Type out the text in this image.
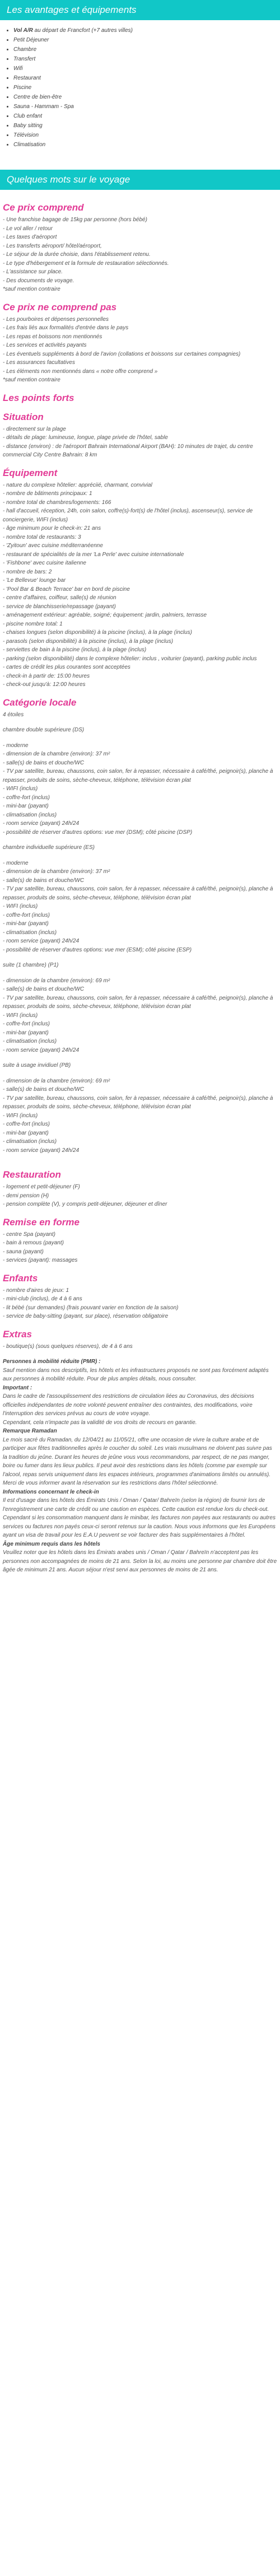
Les avantages et équipements
• Vol A/R au départ de Francfort (+7 autres villes)
• Petit Déjeuner
• Chambre
• Transfert
• Wifi
• Restaurant
• Piscine
• Centre de bien-être
• Sauna - Hammam - Spa
• Club enfant
• Baby sitting
• Télévision
• Climatisation
Quelques mots sur le voyage
Ce prix comprend
- Une franchise bagage de 15kg par personne (hors bébé)
- Le vol aller / retour
- Les taxes d'aéroport
- Les transferts aéroport/ hôtel/aéroport,
- Le séjour de la durée choisie, dans l'établissement retenu.
- Le type d'hébergement et la formule de restauration sélectionnés.
- L'assistance sur place.
- Des documents de voyage.
*sauf mention contraire
Ce prix ne comprend pas
- Les pourboires et dépenses personnelles
- Les frais liés aux formalités d'entrée dans le pays
- Les repas et boissons non mentionnés
- Les services et activités payants
- Les éventuels suppléments à bord de l'avion (collations et boissons sur certaines compagnies)
- Les assurances facultatives
- Les éléments non mentionnés dans « notre offre comprend »
*sauf mention contraire
Les points forts
Situation
- directement sur la plage
- détails de plage: lumineuse, longue, plage privée de l'hôtel, sable
- distance (environ) : de l'aéroport Bahrain International Airport (BAH): 10 minutes de trajet, du centre commercial City Centre Bahrain: 8 km
Équipement
- nature du complexe hôtelier: appréciié, charmant, convivial
- nombre de bâtiments principaux: 1
- nombre total de chambres/logements: 166
- hall d'accueil, réception, 24h, coin salon, coffre(s)-fort(s) de l'hôtel (inclus), ascenseur(s), service de conciergerie, WIFI (inclus)
- âge minimum pour le check-in: 21 ans
- nombre total de restaurants: 3
- 'Zyitoun' avec cuisine méditerranéenne
- restaurant de spécialités de la mer 'La Perle' avec cuisine internationale
- 'Fishbone' avec cuisine italienne
- nombre de bars: 2
- 'Le Bellevue' lounge bar
- 'Pool Bar & Beach Terrace' bar en bord de piscine
- centre d'affaires, coiffeur, salle(s) de réunion
- service de blanchisserie/repassage (payant)
- aménagement extérieur: agréable, soigné; équipement: jardin, palmiers, terrasse
- piscine nombre total: 1
- chaises longues (selon disponibilité) à la piscine (inclus), à la plage (inclus)
- parasols (selon disponibilité) à la piscine (inclus), à la plage (inclus)
- serviettes de bain à la piscine (inclus), à la plage (inclus)
- parking (selon disponibilité) dans le complexe hôtelier: inclus , voiturier (payant), parking public inclus
- cartes de crédit les plus courantes sont acceptées
- check-in à partir de: 15:00 heures
- check-out jusqu'à: 12:00 heures
Catégorie locale
4 étoiles
chambre double supérieure (DS)
- moderne
- dimension de la chambre (environ): 37 m²
- salle(s) de bains et douche/WC
- TV par satellite, bureau, chaussons, coin salon, fer à repasser, nécessaire à café/thé, peignoir(s), planche à repasser, produits de soins, sèche-cheveux, téléphone, télévision écran plat
- WIFI (inclus)
- coffre-fort (inclus)
- mini-bar (payant)
- climatisation (inclus)
- room service (payant) 24h/24
- possibilité de réserver d'autres options: vue mer (DSM); côté piscine (DSP)
chambre individuelle supérieure (ES)
- moderne
- dimension de la chambre (environ): 37 m²
- salle(s) de bains et douche/WC
- TV par satellite, bureau, chaussons, coin salon, fer à repasser, nécessaire à café/thé, peignoir(s), planche à repasser, produits de soins, sèche-cheveux, téléphone, télévision écran plat
- WIFI (inclus)
- coffre-fort (inclus)
- mini-bar (payant)
- climatisation (inclus)
- room service (payant) 24h/24
- possibilité de réserver d'autres options: vue mer (ESM); côté piscine (ESP)
suite (1 chambre) (P1)
- dimension de la chambre (environ): 69 m²
- salle(s) de bains et douche/WC
- TV par satellite, bureau, chaussons, coin salon, fer à repasser, nécessaire à café/thé, peignoir(s), planche à repasser, produits de soins, sèche-cheveux, téléphone, télévision écran plat
- WIFI (inclus)
- coffre-fort (inclus)
- mini-bar (payant)
- climatisation (inclus)
- room service (payant) 24h/24
suite à usage invidiuel (PB)
- dimension de la chambre (environ): 69 m²
- salle(s) de bains et douche/WC
- TV par satellite, bureau, chaussons, coin salon, fer à repasser, nécessaire à café/thé, peignoir(s), planche à repasser, produits de soins, sèche-cheveux, téléphone, télévision écran plat
- WIFI (inclus)
- coffre-fort (inclus)
- mini-bar (payant)
- climatisation (inclus)
- room service (payant) 24h/24
Restauration
- logement et petit-déjeuner (F)
- demi pension (H)
- pension complète (V), y compris petit-déjeuner, déjeuner et dîner
Remise en forme
- centre Spa (payant)
- bain à remous (payant)
- sauna (payant)
- services (payant): massages
Enfants
- nombre d'aires de jeux: 1
- mini-club (inclus), de 4 à 6 ans
- lit bébé (sur demandes) (frais pouvant varier en fonction de la saison)
- service de baby-sitting (payant, sur place), réservation obligatoire
Extras
- boutique(s) (sous quelques réserves), de 4 à 6 ans
Personnes à mobilité réduite (PMR) :
Sauf mention dans nos descriptifs, les hôtels et les infrastructures proposés ne sont pas forcément adaptés aux personnes à mobilité réduite. Pour de plus amples détails, nous consulter.
Important :
Dans le cadre de l'assouplissement des restrictions de circulation liées au Coronavirus, des décisions officielles indépendantes de notre volonté peuvent entraîner des contraintes, des modifications, voire l'interruption des services prévus au cours de votre voyage.
Cependant, cela n'impacte pas la validité de vos droits de recours en garantie.
Remarque Ramadan
Le mois sacré du Ramadan, du 12/04/21 au 11/05/21, offre une occasion de vivre la culture arabe et de participer aux fêtes traditionnelles après le coucher du soleil. Les vrais musulmans ne doivent pas suivre pas la tradition du jeûne. Durant les heures de jeûne vous vous recommandons, par respect, de ne pas manger, boire ou fumer dans les lieux publics. Il peut avoir des restrictions dans les hôtels (comme par exemple sur l'alcool, repas servis uniquement dans les espaces intérieurs, programmes d'animations limités ou annulés). Merci de vous informer avant la réservation sur les restrictions dans l'hôtel sélectionné.
Informations concernant le check-in
Il est d'usage dans les hôtels des Émirats Unis / Oman / Qatar/ Bahreïn (selon la région) de fournir lors de l'enregistrement une carte de crédit ou une caution en espèces. Cette caution est rendue lors du check-out. Cependant si les consommation manquent dans le minibar, les factures non payées aux restaurants ou autres services ou factures non payés ceux-ci seront retenus sur la caution. Nous vous informons que les Européens ayant un visa de travail pour les E.A.U peuvent se voir facturer des frais supplémentaires à l'hôtel.
Âge minimum requis dans les hôtels
Veuillez noter que les hôtels dans les Émirats arabes unis / Oman / Qatar / Bahreïn n'acceptent pas les personnes non accompagnées de moins de 21 ans. Selon la loi, au moins une personne par chambre doit être âgée de minimum 21 ans. Aucun séjour n'est servi aux personnes de moins de 21 ans.
